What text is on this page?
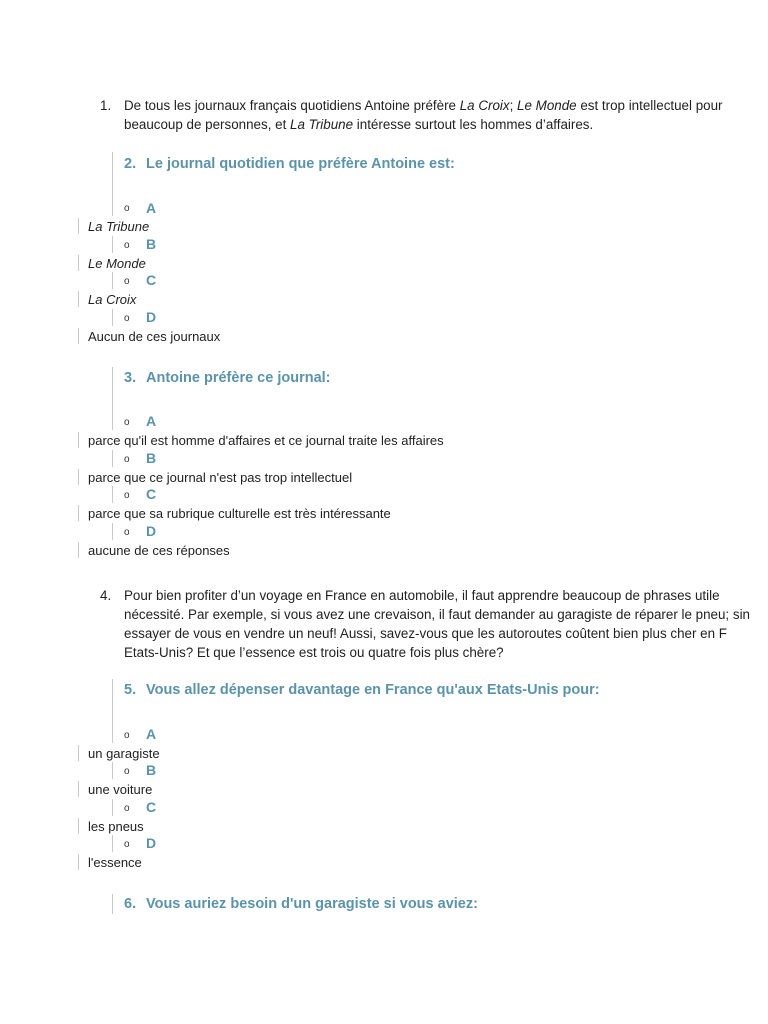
1. De tous les journaux français quotidiens Antoine préfère La Croix; Le Monde est trop intellectuel pour
beaucoup de personnes, et La Tribune intéresse surtout les hommes d’affaires.
2. Le journal quotidien que préfère Antoine est:
o A
La Tribune
o B
Le Monde
o C
La Croix
o D
Aucun de ces journaux
3. Antoine préfère ce journal:
o A
parce qu'il est homme d'affaires et ce journal traite les affaires
o B
parce que ce journal n'est pas trop intellectuel
o C
parce que sa rubrique culturelle est très intéressante
o D
aucune de ces réponses
4. Pour bien profiter d’un voyage en France en automobile, il faut apprendre beaucoup de phrases utile
nécessité. Par exemple, si vous avez une crevaison, il faut demander au garagiste de réparer le pneu; sin
essayer de vous en vendre un neuf! Aussi, savez-vous que les autoroutes coûtent bien plus cher en F
Etats-Unis? Et que l’essence est trois ou quatre fois plus chère?
5. Vous allez dépenser davantage en France qu'aux Etats-Unis pour:
o A
un garagiste
o B
une voiture
o C
les pneus
o D
l'essence
6. Vous auriez besoin d'un garagiste si vous aviez:
